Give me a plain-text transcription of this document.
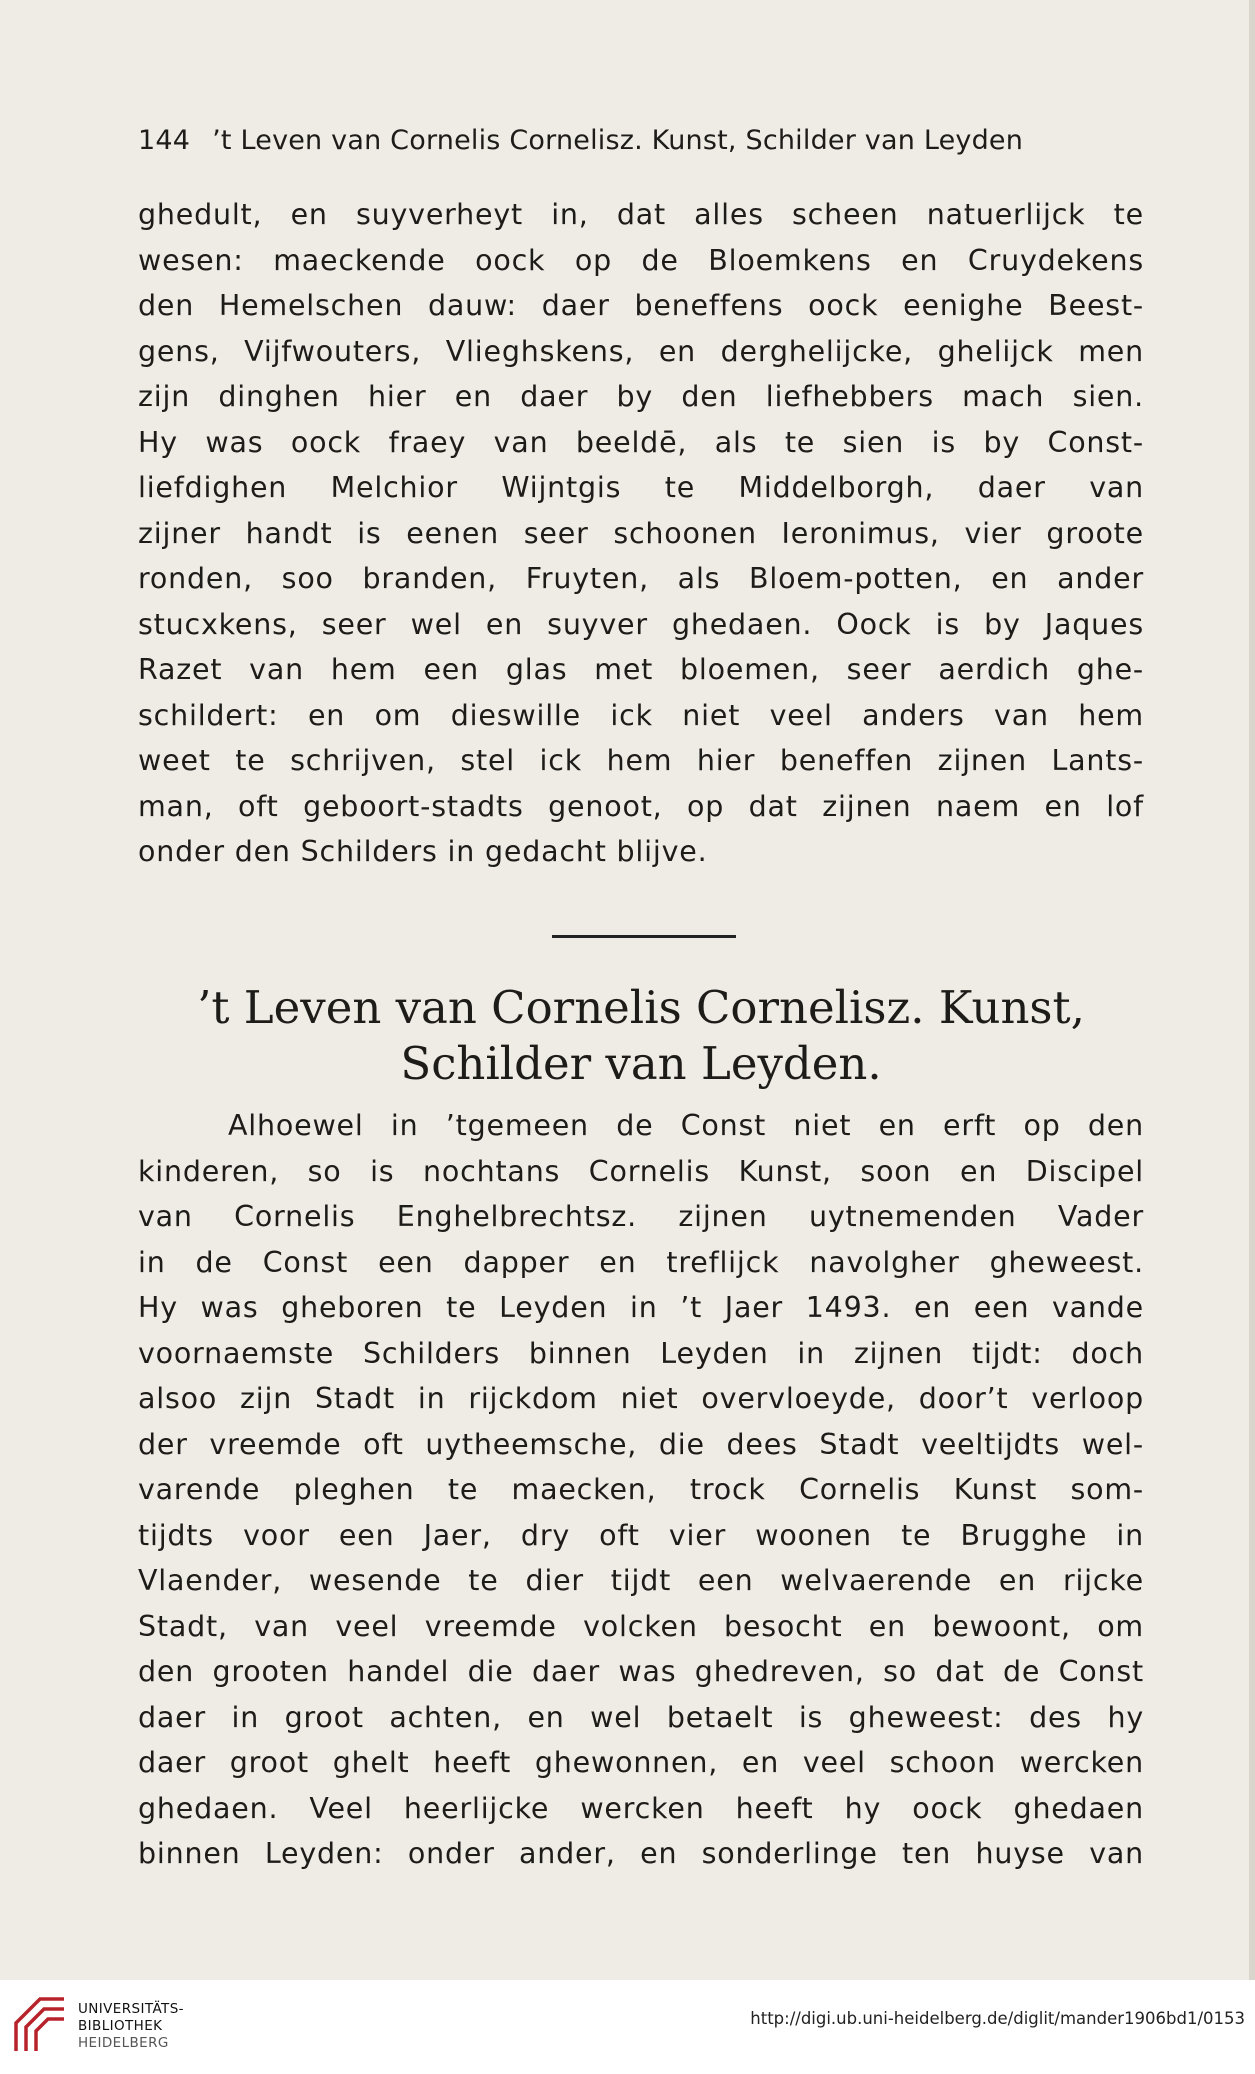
144 ’t Leven van Cornelis Cornelisz. Kunst, Schilder van Leyden
ghedult, en suyverheyt in, dat alles scheen natuerlijck te
wesen: maeckende oock op de Bloemkens en Cruydekens
den Hemelschen dauw: daer beneffens oock eenighe Beest-
gens, Vijfwouters, Vlieghskens, en derghelijcke, ghelijck men
zijn dinghen hier en daer by den liefhebbers mach sien.
Hy was oock fraey van beeldē, als te sien is by Const-
liefdighen Melchior Wijntgis te Middelborgh, daer van
zijner handt is eenen seer schoonen Ieronimus, vier groote
ronden, soo branden, Fruyten, als Bloem-potten, en ander
stucxkens, seer wel en suyver ghedaen. Oock is by Jaques
Razet van hem een glas met bloemen, seer aerdich ghe-
schildert: en om dieswille ick niet veel anders van hem
weet te schrijven, stel ick hem hier beneffen zijnen Lants-
man, oft geboort-stadts genoot, op dat zijnen naem en lof
onder den Schilders in gedacht blijve.
’t Leven van Cornelis Cornelisz. Kunst,
Schilder van Leyden.
Alhoewel in ’tgemeen de Const niet en erft op den
kinderen, so is nochtans Cornelis Kunst, soon en Discipel
van Cornelis Enghelbrechtsz. zijnen uytnemenden Vader
in de Const een dapper en treflijck navolgher gheweest.
Hy was gheboren te Leyden in ’t Jaer 1493. en een vande
voornaemste Schilders binnen Leyden in zijnen tijdt: doch
alsoo zijn Stadt in rijckdom niet overvloeyde, door’t verloop
der vreemde oft uytheemsche, die dees Stadt veeltijdts wel-
varende pleghen te maecken, trock Cornelis Kunst som-
tijdts voor een Jaer, dry oft vier woonen te Brugghe in
Vlaender, wesende te dier tijdt een welvaerende en rijcke
Stadt, van veel vreemde volcken besocht en bewoont, om
den grooten handel die daer was ghedreven, so dat de Const
daer in groot achten, en wel betaelt is gheweest: des hy
daer groot ghelt heeft ghewonnen, en veel schoon wercken
ghedaen. Veel heerlijcke wercken heeft hy oock ghedaen
binnen Leyden: onder ander, en sonderlinge ten huyse van
UNIVERSITÄTS-
BIBLIOTHEK
HEIDELBERG
http://digi.ub.uni-heidelberg.de/diglit/mander1906bd1/0153
